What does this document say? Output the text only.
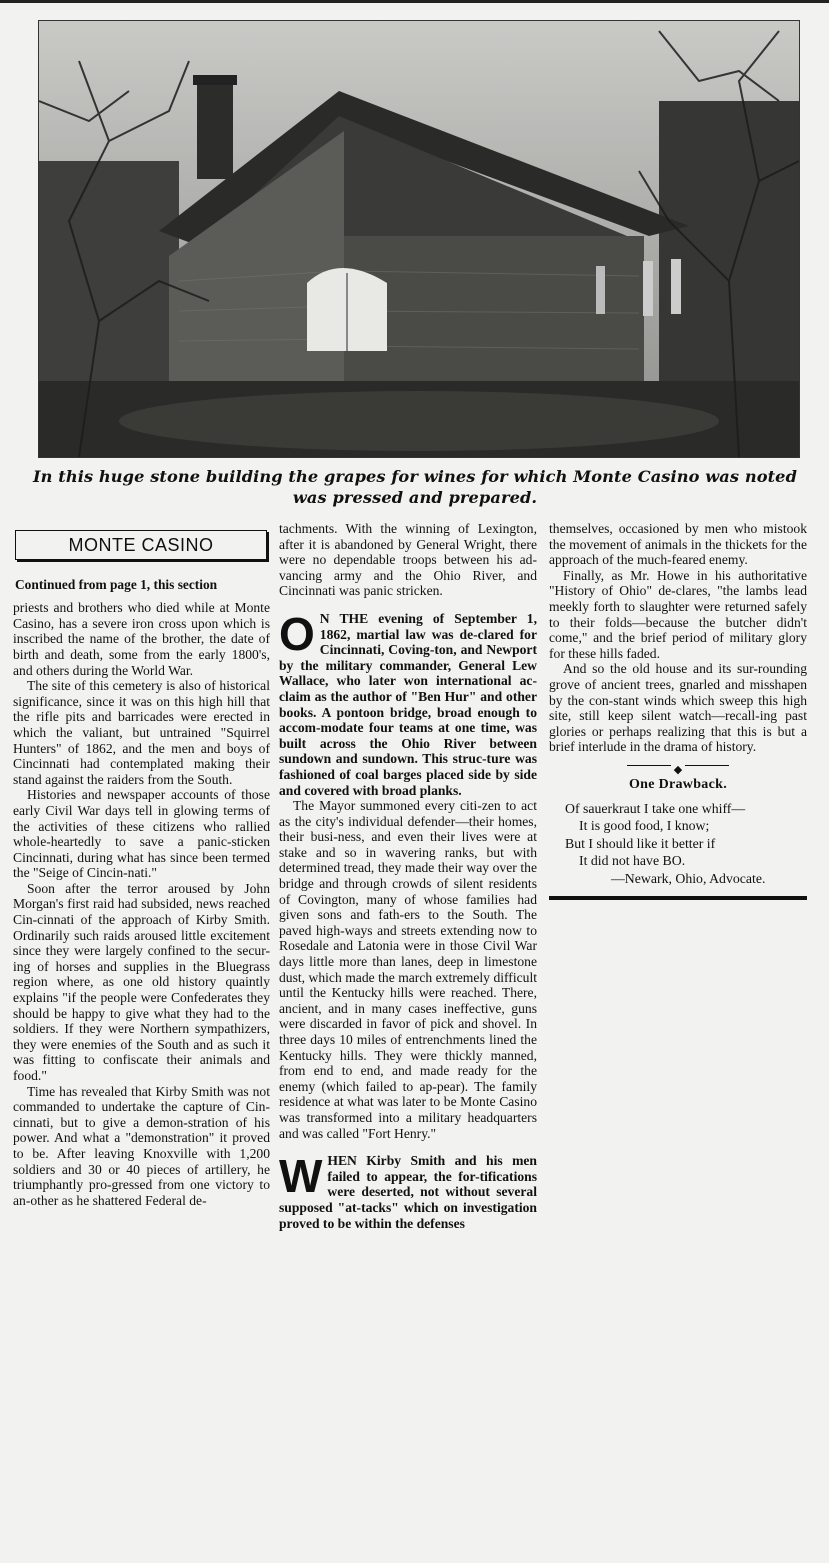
In this huge stone building the grapes for wines for which Monte Casino was noted
was pressed and prepared.
MONTE CASINO
Continued from page 1, this section

priests and brothers who died while at Monte Casino, has a severe iron cross upon which is inscribed the name of the brother, the date of birth and death, some from the early 1800's, and others during the World War.

The site of this cemetery is also of historical significance, since it was on this high hill that the rifle pits and barricades were erected in which the valiant, but untrained "Squirrel Hunters" of 1862, and the men and boys of Cincinnati had contemplated making their stand against the raiders from the South.

Histories and newspaper accounts of those early Civil War days tell in glowing terms of the activities of these citizens who rallied whole-heartedly to save a panic-sticken Cincinnati, during what has since been termed the "Seige of Cincin-nati."

Soon after the terror aroused by John Morgan's first raid had subsided, news reached Cin-cinnati of the approach of Kirby Smith. Ordinarily such raids aroused little excitement since they were largely confined to the secur-ing of horses and supplies in the Bluegrass region where, as one old history quaintly explains "if the people were Confederates they should be happy to give what they had to the soldiers. If they were Northern sympathizers, they were enemies of the South and as such it was fitting to confiscate their animals and food."

Time has revealed that Kirby Smith was not commanded to undertake the capture of Cin-cinnati, but to give a demon-stration of his power. And what a "demonstration" it proved to be. After leaving Knoxville with 1,200 soldiers and 30 or 40 pieces of artillery, he triumphantly pro-gressed from one victory to an-other as he shattered Federal de-

tachments. With the winning of Lexington, after it is abandoned by General Wright, there were no dependable troops between his ad-vancing army and the Ohio River, and Cincinnati was panic stricken.

O N THE evening of September 1, 1862, martial law was de-clared for Cincinnati, Coving-ton, and Newport by the military commander, General Lew Wallace, who later won international ac-claim as the author of "Ben Hur" and other books. A pontoon bridge, broad enough to accom-modate four teams at one time, was built across the Ohio River between sundown and sundown. This struc-ture was fashioned of coal barges placed side by side and covered with broad planks.

The Mayor summoned every citi-zen to act as the city's individual defender—their homes, their busi-ness, and even their lives were at stake and so in wavering ranks, but with determined tread, they made their way over the bridge and through crowds of silent residents of Covington, many of whose families had given sons and fath-ers to the South. The paved high-ways and streets extending now to Rosedale and Latonia were in those Civil War days little more than lanes, deep in limestone dust, which made the march extremely difficult until the Kentucky hills were reached. There, ancient, and in many cases ineffective, guns were discarded in favor of pick and shovel. In three days 10 miles of entrenchments lined the Kentucky hills. They were thickly manned, from end to end, and made ready for the enemy (which failed to ap-pear). The family residence at what was later to be Monte Casino was transformed into a military headquarters and was called "Fort Henry."

WHEN Kirby Smith and his men failed to appear, the for-tifications were deserted, not without several supposed "at-tacks" which on investigation proved to be within the defenses

themselves, occasioned by men who mistook the movement of animals in the thickets for the approach of the much-feared enemy.

Finally, as Mr. Howe in his authoritative "History of Ohio" de-clares, "the lambs lead meekly forth to slaughter were returned safely to their folds—because the butcher didn't come," and the brief period of military glory for these hills faded.

And so the old house and its sur-rounding grove of ancient trees, gnarled and misshapen by the con-stant winds which sweep this high site, still keep silent watch—recall-ing past glories or perhaps realizing that this is but a brief interlude in the drama of history.

◆
One Drawback.
Of sauerkraut I take one whiff—
It is good food, I know;
But I should like it better if
It did not have BO.
—Newark, Ohio, Advocate.
